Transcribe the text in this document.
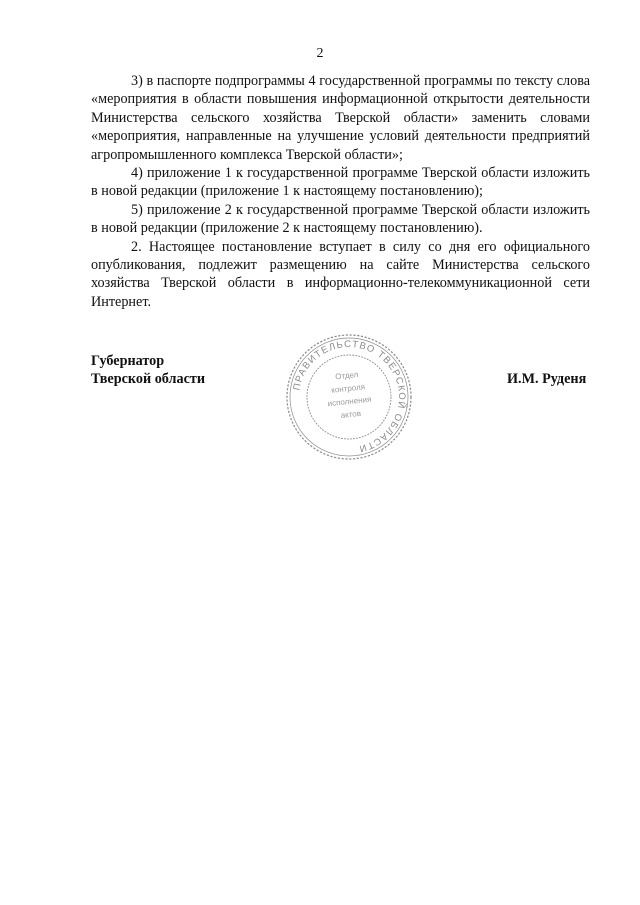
2

3) в паспорте подпрограммы 4 государственной программы по тексту слова «мероприятия в области повышения информационной открытости деятельности Министерства сельского хозяйства Тверской области» заменить словами «мероприятия, направленные на улучшение условий деятельности предприятий агропромышленного комплекса Тверской области»;

4) приложение 1 к государственной программе Тверской области изложить в новой редакции (приложение 1 к настоящему постановлению);

5) приложение 2 к государственной программе Тверской области изложить в новой редакции (приложение 2 к настоящему постановлению).

2. Настоящее постановление вступает в силу со дня его официального опубликования, подлежит размещению на сайте Министерства сельского хозяйства Тверской области в информационно-телекоммуникационной сети Интернет.

Губернатор
Тверской области	ПРАВИТЕЛЬСТВО ТВЕРСКОЙ ОБЛАСТИ
Отдел
контроля
исполнения
актов
И.М. Руденя
